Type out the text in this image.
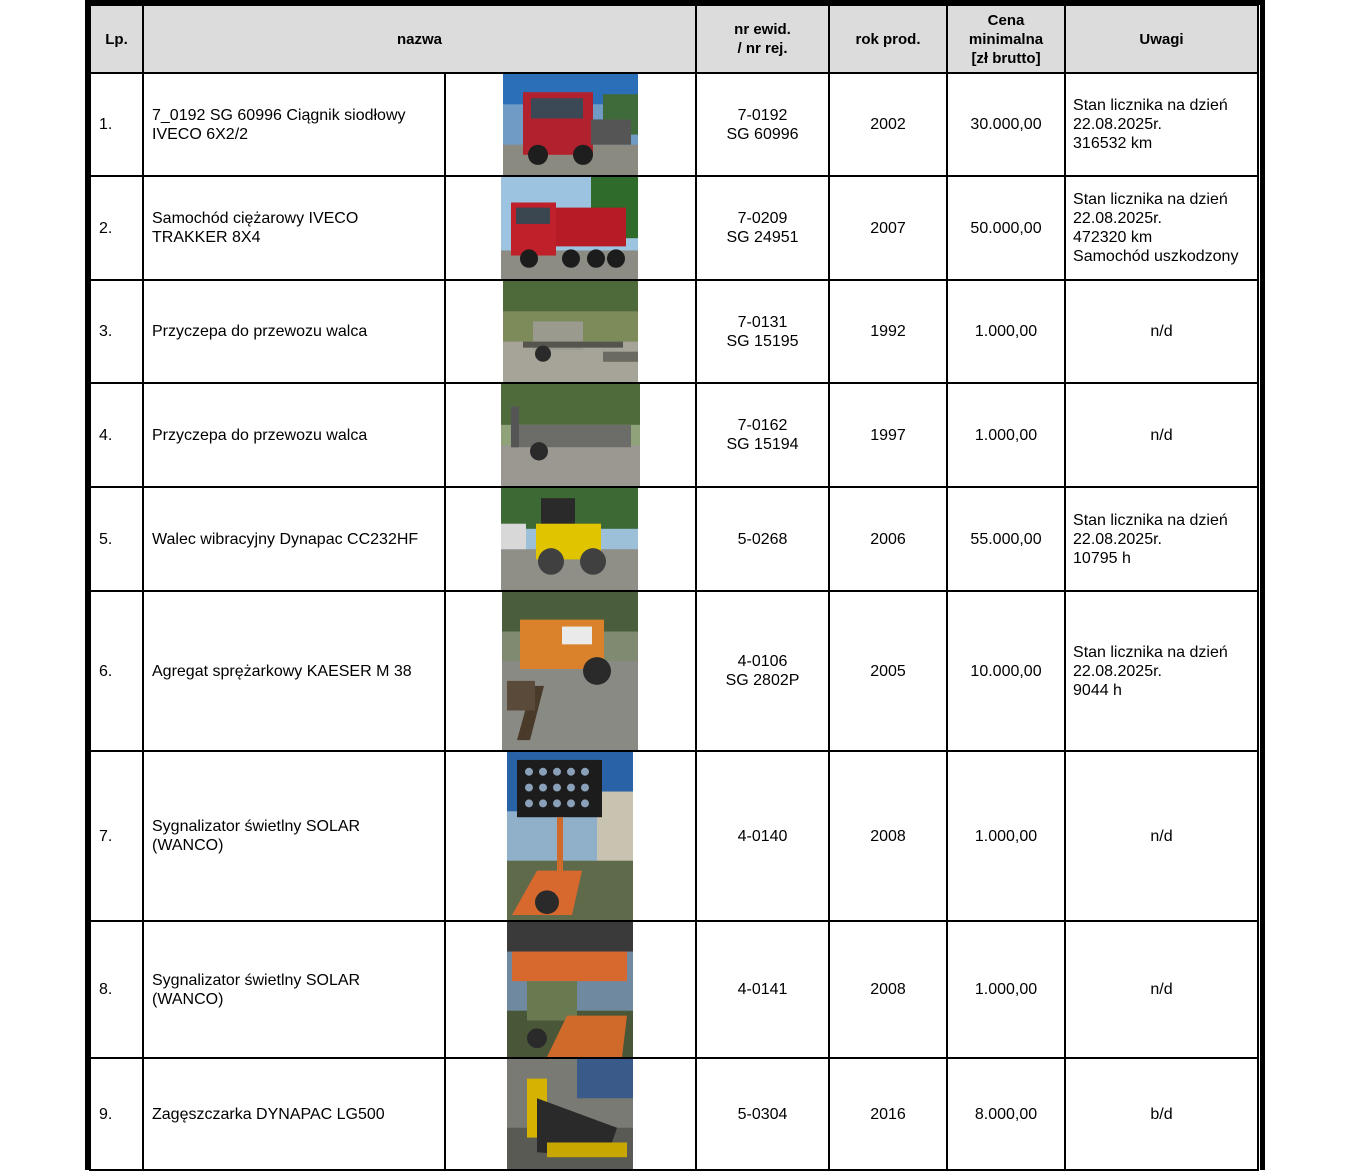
Lp.	nazwa		nr ewid.
/ nr rej.	rok prod.	Cena
minimalna
[zł brutto]	Uwagi
1.	7_0192 SG 60996 Ciągnik siodłowy
IVECO 6X2/2		7-0192
SG 60996	2002	30.000,00	Stan licznika na dzień
22.08.2025r.
316532 km
2.	Samochód ciężarowy IVECO
TRAKKER 8X4		7-0209
SG 24951	2007	50.000,00	Stan licznika na dzień
22.08.2025r.
472320 km
Samochód uszkodzony
3.	Przyczepa do przewozu walca		7-0131
SG 15195	1992	1.000,00	n/d
4.	Przyczepa do przewozu walca		7-0162
SG 15194	1997	1.000,00	n/d
5.	Walec wibracyjny Dynapac CC232HF		5-0268	2006	55.000,00	Stan licznika na dzień
22.08.2025r.
10795 h
6.	Agregat sprężarkowy KAESER M 38		4-0106
SG 2802P	2005	10.000,00	Stan licznika na dzień
22.08.2025r.
9044 h
7.	Sygnalizator świetlny SOLAR
(WANCO)		4-0140	2008	1.000,00	n/d
8.	Sygnalizator świetlny SOLAR
(WANCO)		4-0141	2008	1.000,00	n/d
9.	Zagęszczarka DYNAPAC LG500		5-0304	2016	8.000,00	b/d
